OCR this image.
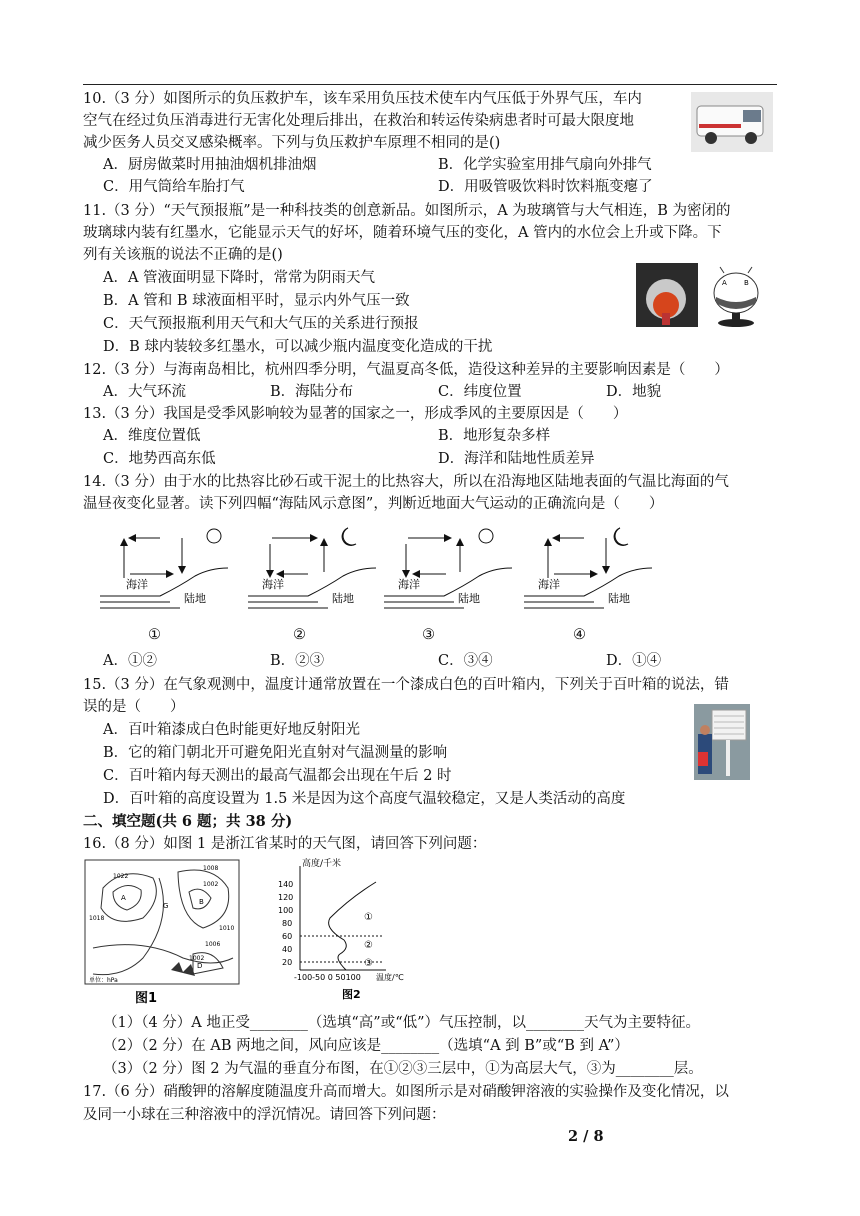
10.（3 分）如图所示的负压救护车，该车采用负压技术使车内气压低于外界气压，车内
空气在经过负压消毒进行无害化处理后排出，在救治和转运传染病患者时可最大限度地
减少医务人员交叉感染概率。下列与负压救护车原理不相同的是()
A．厨房做菜时用抽油烟机排油烟	B．化学实验室用排气扇向外排气
C．用气筒给车胎打气	D．用吸管吸饮料时饮料瓶变瘪了
11.（3 分）“天气预报瓶”是一种科技类的创意新品。如图所示，A 为玻璃管与大气相连，B 为密闭的
玻璃球内装有红墨水，它能显示天气的好坏，随着环境气压的变化，A 管内的水位会上升或下降。下
列有关该瓶的说法不正确的是()
A．A 管液面明显下降时，常常为阴雨天气
B．A 管和 B 球液面相平时，显示内外气压一致
C．天气预报瓶利用天气和大气压的关系进行预报
D．B 球内装较多红墨水，可以减少瓶内温度变化造成的干扰
A B
12.（3 分）与海南岛相比，杭州四季分明，气温夏高冬低，造役这种差异的主要影响因素是（　　）
A．大气环流	B．海陆分布	C．纬度位置	D．地貌
13.（3 分）我国是受季风影响较为显著的国家之一，形成季风的主要原因是（　　）
A．维度位置低	B．地形复杂多样
C．地势西高东低	D．海洋和陆地性质差异
14.（3 分）由于水的比热容比砂石或干泥土的比热容大，所以在沿海地区陆地表面的气温比海面的气
温昼夜变化显著。读下列四幅“海陆风示意图”，判断近地面大气运动的正确流向是（　　）
海洋
陆地
海洋
陆地
海洋
陆地
海洋
陆地
①	②	③	④
A．①②	B．②③	C．③④	D．①④
15.（3 分）在气象观测中，温度计通常放置在一个漆成白色的百叶箱内，下列关于百叶箱的说法，错
误的是（　　）
A．百叶箱漆成白色时能更好地反射阳光
B．它的箱门朝北开可避免阳光直射对气温测量的影响
C．百叶箱内每天测出的最高气温都会出现在午后 2 时
D．百叶箱的高度设置为 1.5 米是因为这个高度气温较稳定，又是人类活动的高度
二、填空题(共 6 题；共 38 分)
16.（8 分）如图 1 是浙江省某时的天气图，请回答下列问题：
1022
1018
1008
1002
1010
1006
1002
A	B
G
D
单位：hPa
图1
高度/千米
140
120
100
80
60
40
20
①
②
③
-100-50 0 50100 温度/℃
图2
（1）（4 分）A 地正受________（选填“高”或“低”）气压控制，以________天气为主要特征。
（2）（2 分）在 AB 两地之间，风向应该是________（选填“A 到 B”或“B 到 A”）
（3）（2 分）图 2 为气温的垂直分布图，在①②③三层中，①为高层大气，③为________层。
17.（6 分）硝酸钾的溶解度随温度升高而增大。如图所示是对硝酸钾溶液的实验操作及变化情况，以
及同一小球在三种溶液中的浮沉情况。请回答下列问题：
2 / 8
